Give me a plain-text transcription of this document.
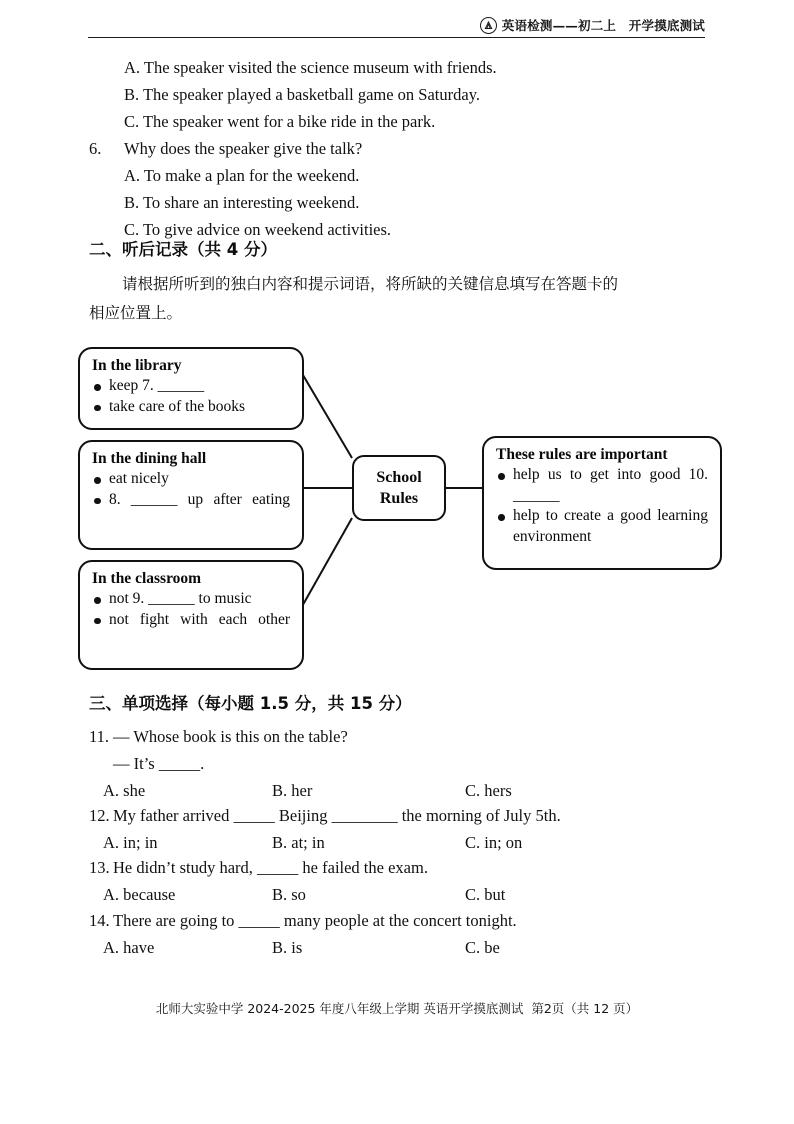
英语检测——初二上　开学摸底测试
A. The speaker visited the science museum with friends.
B. The speaker played a basketball game on Saturday.
C. The speaker went for a bike ride in the park.
6. Why does the speaker give the talk?
A. To make a plan for the weekend.
B. To share an interesting weekend.
C. To give advice on weekend activities.
二、听后记录（共 4 分）
请根据所听到的独白内容和提示词语，将所缺的关键信息填写在答题卡的
相应位置上。
In the library
keep 7. ______
take care of the books
In the dining hall
eat nicely
8. ______ up after eating
In the classroom
not 9. ______ to music
not fight with each other
School
Rules
These rules are important
help us to get into good 10. ______
help to create a good learning environment
三、单项选择（每小题 1.5 分，共 15 分）
11. — Whose book is this on the table?
— It’s _____.
A. she	B. her	C. hers
12. My father arrived _____ Beijing ________ the morning of July 5th.
A. in; in	B. at; in	C. in; on
13. He didn’t study hard, _____ he failed the exam.
A. because	B. so	C. but
14. There are going to _____ many people at the concert tonight.
A. have	B. is	C. be
北师大实验中学 2024-2025 年度八年级上学期 英语开学摸底测试  第2页（共 12 页）
